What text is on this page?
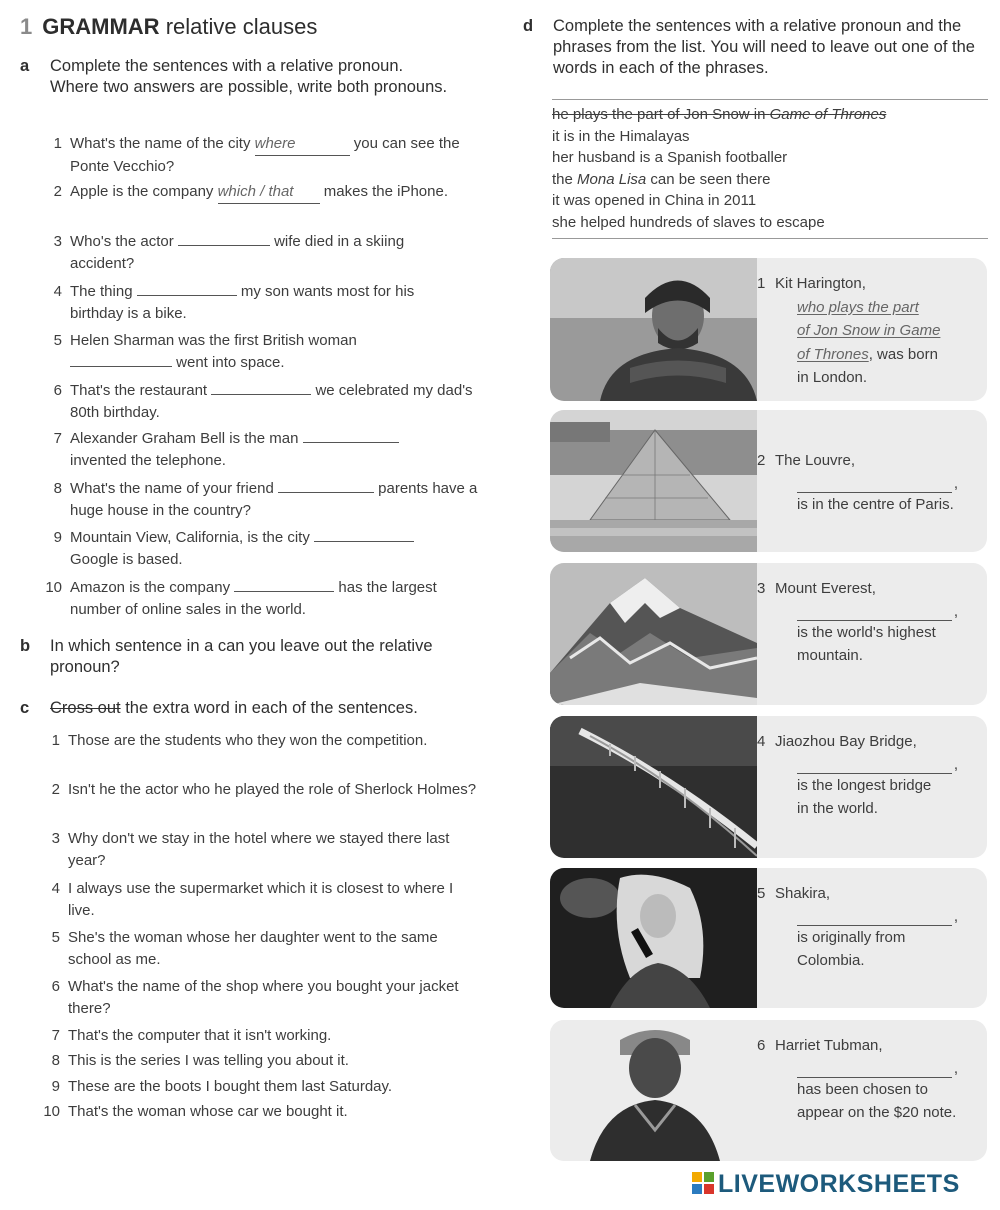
1 GRAMMAR relative clauses
a Complete the sentences with a relative pronoun. Where two answers are possible, write both pronouns.
1 What's the name of the city where	you can see the Ponte Vecchio?
2 Apple is the company which / that makes the iPhone.
3 Who's the actor	wife died in a skiing accident?
4 The thing	my son wants most for his birthday is a bike.
5 Helen Sharman was the first British woman
went into space.
6 That's the restaurant	we celebrated my dad's 80th birthday.
7 Alexander Graham Bell is the man
invented the telephone.
8 What's the name of your friend	parents have a huge house in the country?
9 Mountain View, California, is the city
Google is based.
10 Amazon is the company	has the largest number of online sales in the world.
b In which sentence in a can you leave out the relative pronoun?
c Cross out the extra word in each of the sentences.
1 Those are the students who they won the competition.
2 Isn't he the actor who he played the role of Sherlock Holmes?
3 Why don't we stay in the hotel where we stayed there last year?
4 I always use the supermarket which it is closest to where I live.
5 She's the woman whose her daughter went to the same school as me.
6 What's the name of the shop where you bought your jacket there?
7 That's the computer that it isn't working.
8 This is the series I was telling you about it.
9 These are the boots I bought them last Saturday.
10 That's the woman whose car we bought it.
d Complete the sentences with a relative pronoun and the phrases from the list. You will need to leave out one of the words in each of the phrases.
he plays the part of Jon Snow in Game of Thrones
it is in the Himalayas
her husband is a Spanish footballer
the Mona Lisa can be seen there
it was opened in China in 2011
she helped hundreds of slaves to escape
1 Kit Harington,
who plays the part
of Jon Snow in Game
of Thrones, was born
in London.
2 The Louvre,
,
is in the centre of Paris.
3 Mount Everest,
,
is the world's highest
mountain.
4 Jiaozhou Bay Bridge,
,
is the longest bridge
in the world.
5 Shakira,
,
is originally from
Colombia.
6 Harriet Tubman,
,
has been chosen to
appear on the $20 note.
LIVEWORKSHEETS
